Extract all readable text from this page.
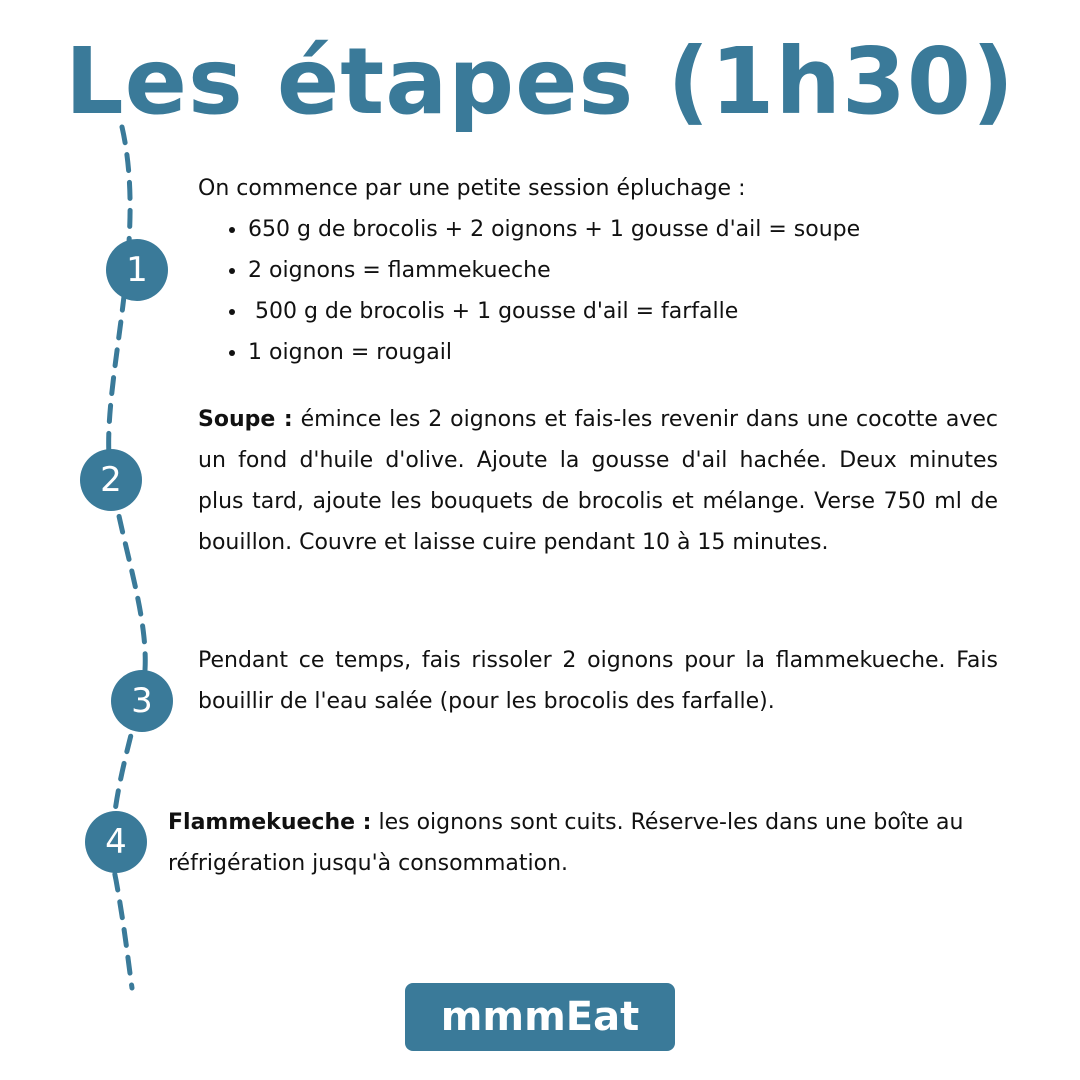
Les étapes (1h30)
1
2
3
4

On commence par une petite session épluchage :

• 650 g de brocolis + 2 oignons + 1 gousse d'ail = soupe
• 2 oignons = flammekueche
•  500 g de brocolis + 1 gousse d'ail = farfalle
• 1 oignon = rougail

Soupe : émince les 2 oignons et fais-les revenir dans une cocotte avec un fond d'huile d'olive. Ajoute la gousse d'ail hachée. Deux minutes plus tard, ajoute les bouquets de brocolis et mélange. Verse 750 ml de bouillon. Couvre et laisse cuire pendant 10 à 15 minutes.

Pendant ce temps, fais rissoler 2 oignons pour la flammekueche. Fais bouillir de l'eau salée (pour les brocolis des farfalle).

Flammekueche : les oignons sont cuits. Réserve-les dans une boîte au réfrigération jusqu'à consommation.

mmmEat
